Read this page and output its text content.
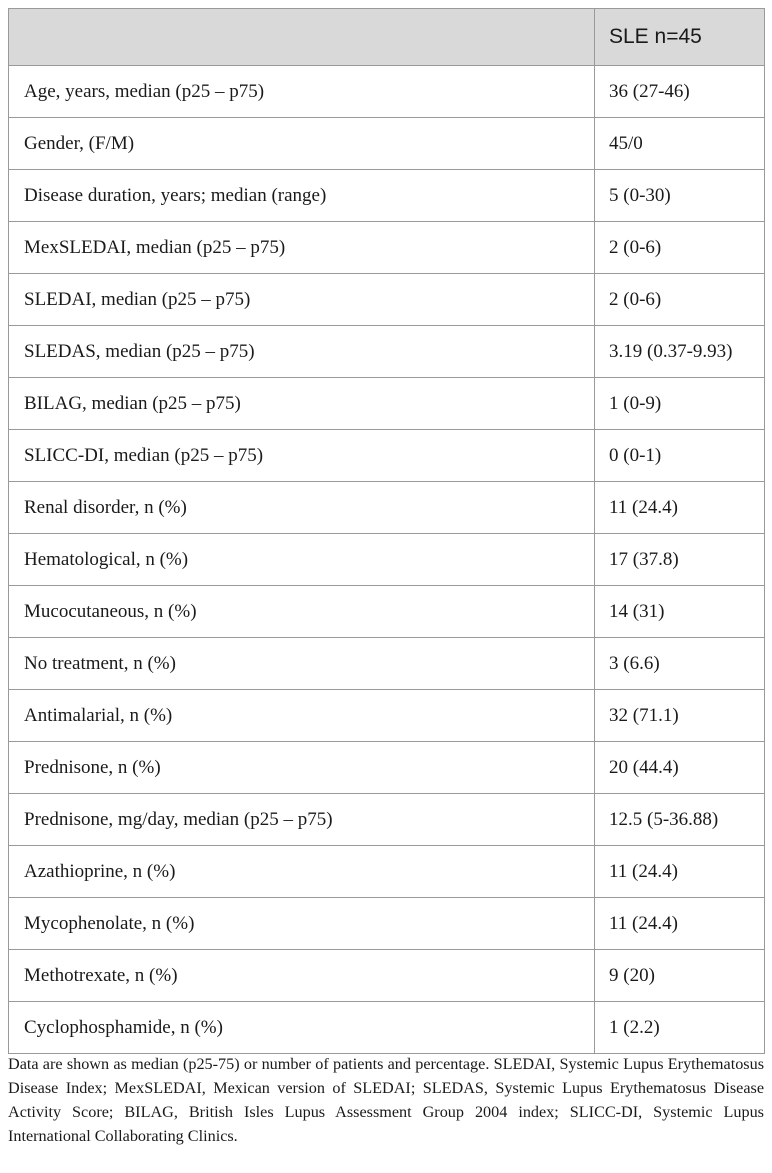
	SLE n=45
Age, years, median (p25 – p75)	36 (27-46)
Gender, (F/M)	45/0
Disease duration, years; median (range)	5 (0-30)
MexSLEDAI, median (p25 – p75)	2 (0-6)
SLEDAI, median (p25 – p75)	2 (0-6)
SLEDAS, median (p25 – p75)	3.19 (0.37-9.93)
BILAG, median (p25 – p75)	1 (0-9)
SLICC-DI, median (p25 – p75)	0 (0-1)
Renal disorder, n (%)	11 (24.4)
Hematological, n (%)	17 (37.8)
Mucocutaneous, n (%)	14 (31)
No treatment, n (%)	3 (6.6)
Antimalarial, n (%)	32 (71.1)
Prednisone, n (%)	20 (44.4)
Prednisone, mg/day, median (p25 – p75)	12.5 (5-36.88)
Azathioprine, n (%)	11 (24.4)
Mycophenolate, n (%)	11 (24.4)
Methotrexate, n (%)	9 (20)
Cyclophosphamide, n (%)	1 (2.2)

Data are shown as median (p25-75) or number of patients and percentage. SLEDAI, Systemic Lupus Erythematosus Disease Index; MexSLEDAI, Mexican version of SLEDAI; SLEDAS, Systemic Lupus Erythematosus Disease Activity Score; BILAG, British Isles Lupus Assessment Group 2004 index; SLICC-DI, Systemic Lupus International Collaborating Clinics.
